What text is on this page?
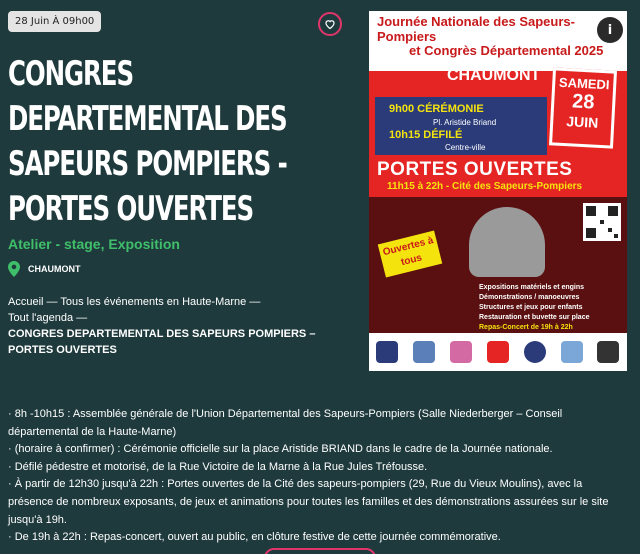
28 Juin À 09h00
CONGRES DEPARTEMENTAL DES SAPEURS POMPIERS - PORTES OUVERTES
Atelier - stage, Exposition
CHAUMONT
Accueil — Tous les événements en Haute-Marne —
Tout l'agenda —
CONGRES DEPARTEMENTAL DES SAPEURS POMPIERS – PORTES OUVERTES
Journée Nationale des Sapeurs-Pompiers
et Congrès Départemental 2025
i
CHAUMONT SAMEDI
28
JUIN
9h00 CÉRÉMONIE
Pl. Aristide Briand
10h15 DÉFILÉ
Centre-ville
PORTES OUVERTES
11h15 à 22h - Cité des Sapeurs-Pompiers
Ouvertes à tous
Expositions matériels et engins
Démonstrations / manoeuvres
Structures et jeux pour enfants
Restauration et buvette sur place
Repas-Concert de 19h à 22h

· 8h -10h15 : Assemblée générale de l'Union Départemental des Sapeurs-Pompiers (Salle Niederberger – Conseil départemental de la Haute-Marne)

· (horaire à confirmer) : Cérémonie officielle sur la place Aristide BRIAND dans le cadre de la Journée nationale.

· Défilé pédestre et motorisé, de la Rue Victoire de la Marne à la Rue Jules Tréfousse.

· À partir de 12h30 jusqu'à 22h : Portes ouvertes de la Cité des sapeurs-pompiers (29, Rue du Vieux Moulins), avec la présence de nombreux exposants, de jeux et animations pour toutes les familles et des démonstrations assurées sur le site jusqu'à 19h.

· De 19h à 22h : Repas-concert, ouvert au public, en clôture festive de cette journée commémorative.
